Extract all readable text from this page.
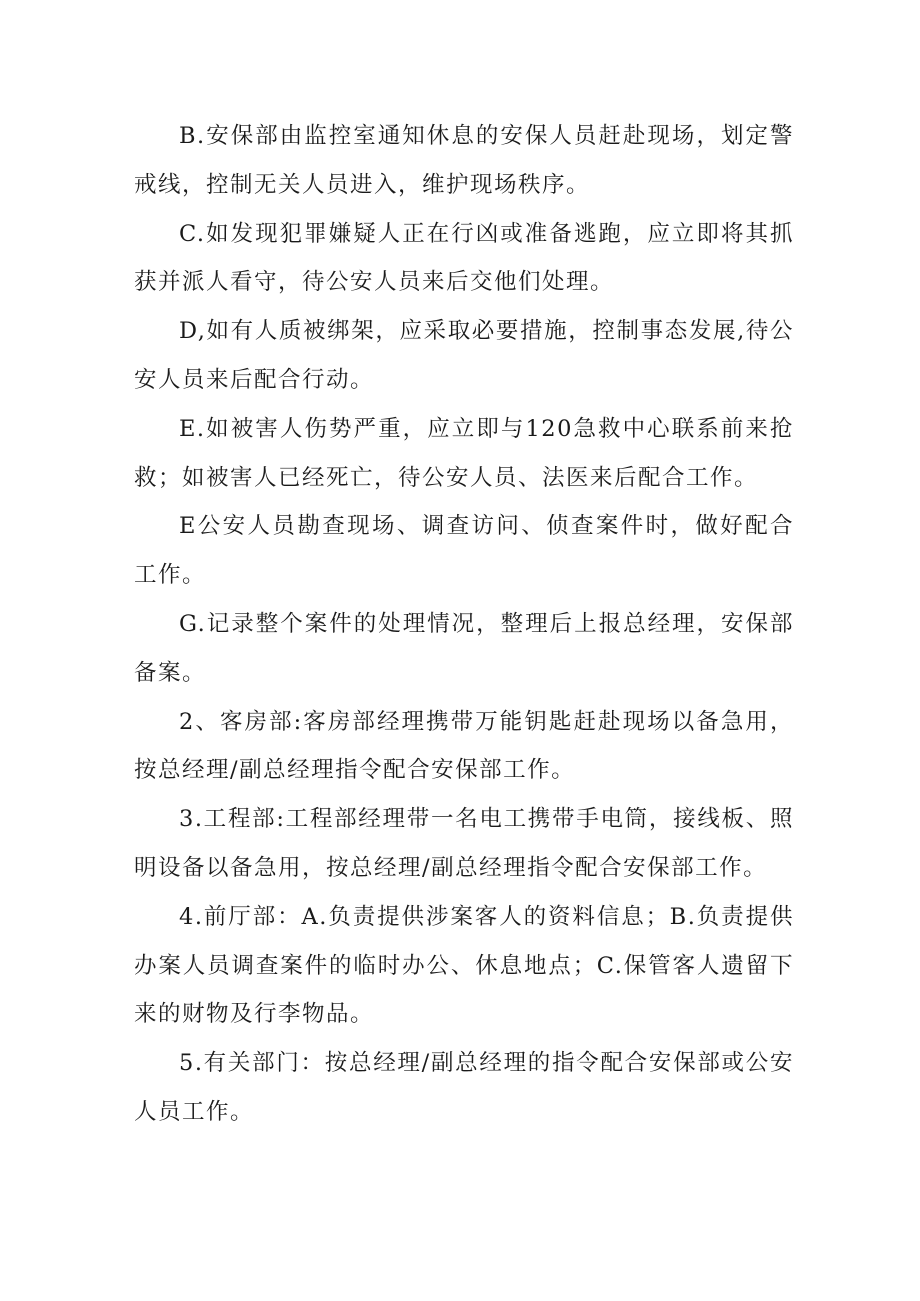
B.安保部由监控室通知休息的安保人员赶赴现场，划定警戒线，控制无关人员进入，维护现场秩序。

C.如发现犯罪嫌疑人正在行凶或准备逃跑，应立即将其抓获并派人看守，待公安人员来后交他们处理。

D,如有人质被绑架，应采取必要措施，控制事态发展,待公安人员来后配合行动。

E.如被害人伤势严重，应立即与120急救中心联系前来抢救；如被害人已经死亡，待公安人员、法医来后配合工作。

E公安人员勘查现场、调查访问、侦查案件时，做好配合工作。

G.记录整个案件的处理情况，整理后上报总经理，安保部备案。

2、客房部:客房部经理携带万能钥匙赶赴现场以备急用，按总经理/副总经理指令配合安保部工作。

3.工程部:工程部经理带一名电工携带手电筒，接线板、照明设备以备急用，按总经理/副总经理指令配合安保部工作。

4.前厅部：A.负责提供涉案客人的资料信息；B.负责提供办案人员调查案件的临时办公、休息地点；C.保管客人遗留下来的财物及行李物品。

5.有关部门：按总经理/副总经理的指令配合安保部或公安人员工作。
